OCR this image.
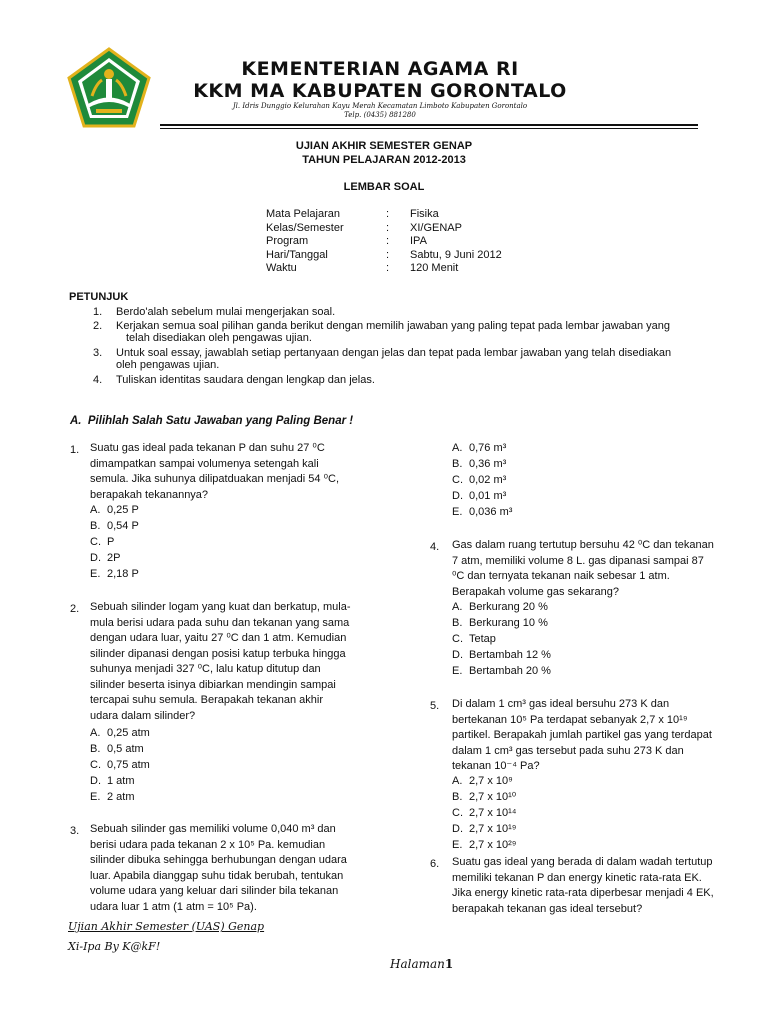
KEMENTERIAN AGAMA RI
KKM MA KABUPATEN GORONTALO
Jl. Idris Dunggio Kelurahan Kayu Merah Kecamatan Limboto Kabupaten Gorontalo
Telp. (0435) 881280
UJIAN AKHIR SEMESTER GENAP
TAHUN PELAJARAN 2012-2013
LEMBAR SOAL
Mata Pelajaran	: Fisika
Kelas/Semester	: XI/GENAP
Program	: IPA
Hari/Tanggal	: Sabtu, 9 Juni 2012
Waktu	: 120 Menit
PETUNJUK
1. Berdo'alah sebelum mulai mengerjakan soal.
2. Kerjakan semua soal pilihan ganda berikut dengan memilih jawaban yang paling tepat pada lembar jawaban yang
telah disediakan oleh pengawas ujian.
3. Untuk soal essay, jawablah setiap pertanyaan dengan jelas dan tepat pada lembar jawaban yang telah disediakan
oleh pengawas ujian.
4. Tuliskan identitas saudara dengan lengkap dan jelas.
A. Pilihlah Salah Satu Jawaban yang Paling Benar !
1. Suatu gas ideal pada tekanan P dan suhu 27 ⁰C
dimampatkan sampai volumenya setengah kali
semula. Jika suhunya dilipatduakan menjadi 54 ⁰C,
berapakah tekanannya?
A. 0,25 P
B. 0,54 P
C. P
D. 2P
E. 2,18 P
2. Sebuah silinder logam yang kuat dan berkatup, mula-
mula berisi udara pada suhu dan tekanan yang sama
dengan udara luar, yaitu 27 ⁰C dan 1 atm. Kemudian
silinder dipanasi dengan posisi katup terbuka hingga
suhunya menjadi 327 ⁰C, lalu katup ditutup dan
silinder beserta isinya dibiarkan mendingin sampai
tercapai suhu semula. Berapakah tekanan akhir
udara dalam silinder?
A. 0,25 atm
B. 0,5 atm
C. 0,75 atm
D. 1 atm
E. 2 atm
3. Sebuah silinder gas memiliki volume 0,040 m³ dan
berisi udara pada tekanan 2 x 10⁵ Pa. kemudian
silinder dibuka sehingga berhubungan dengan udara
luar. Apabila dianggap suhu tidak berubah, tentukan
volume udara yang keluar dari silinder bila tekanan
udara luar 1 atm (1 atm = 10⁵ Pa).
A. 0,76 m³
B. 0,36 m³
C. 0,02 m³
D. 0,01 m³
E. 0,036 m³
4. Gas dalam ruang tertutup bersuhu 42 ⁰C dan tekanan
7 atm, memiliki volume 8 L. gas dipanasi sampai 87
⁰C dan ternyata tekanan naik sebesar 1 atm.
Berapakah volume gas sekarang?
A. Berkurang 20 %
B. Berkurang 10 %
C. Tetap
D. Bertambah 12 %
E. Bertambah 20 %
5. Di dalam 1 cm³ gas ideal bersuhu 273 K dan
bertekanan 10⁵ Pa terdapat sebanyak 2,7 x 10¹⁹
partikel. Berapakah jumlah partikel gas yang terdapat
dalam 1 cm³ gas tersebut pada suhu 273 K dan
tekanan 10⁻⁴ Pa?
A. 2,7 x 10⁹
B. 2,7 x 10¹⁰
C. 2,7 x 10¹⁴
D. 2,7 x 10¹⁹
E. 2,7 x 10²⁹
6. Suatu gas ideal yang berada di dalam wadah tertutup
memiliki tekanan P dan energy kinetic rata-rata EK.
Jika energy kinetic rata-rata diperbesar menjadi 4 EK,
berapakah tekanan gas ideal tersebut?
Ujian Akhir Semester (UAS) Genap
Xi-Ipa By K@kF!
Halaman1
